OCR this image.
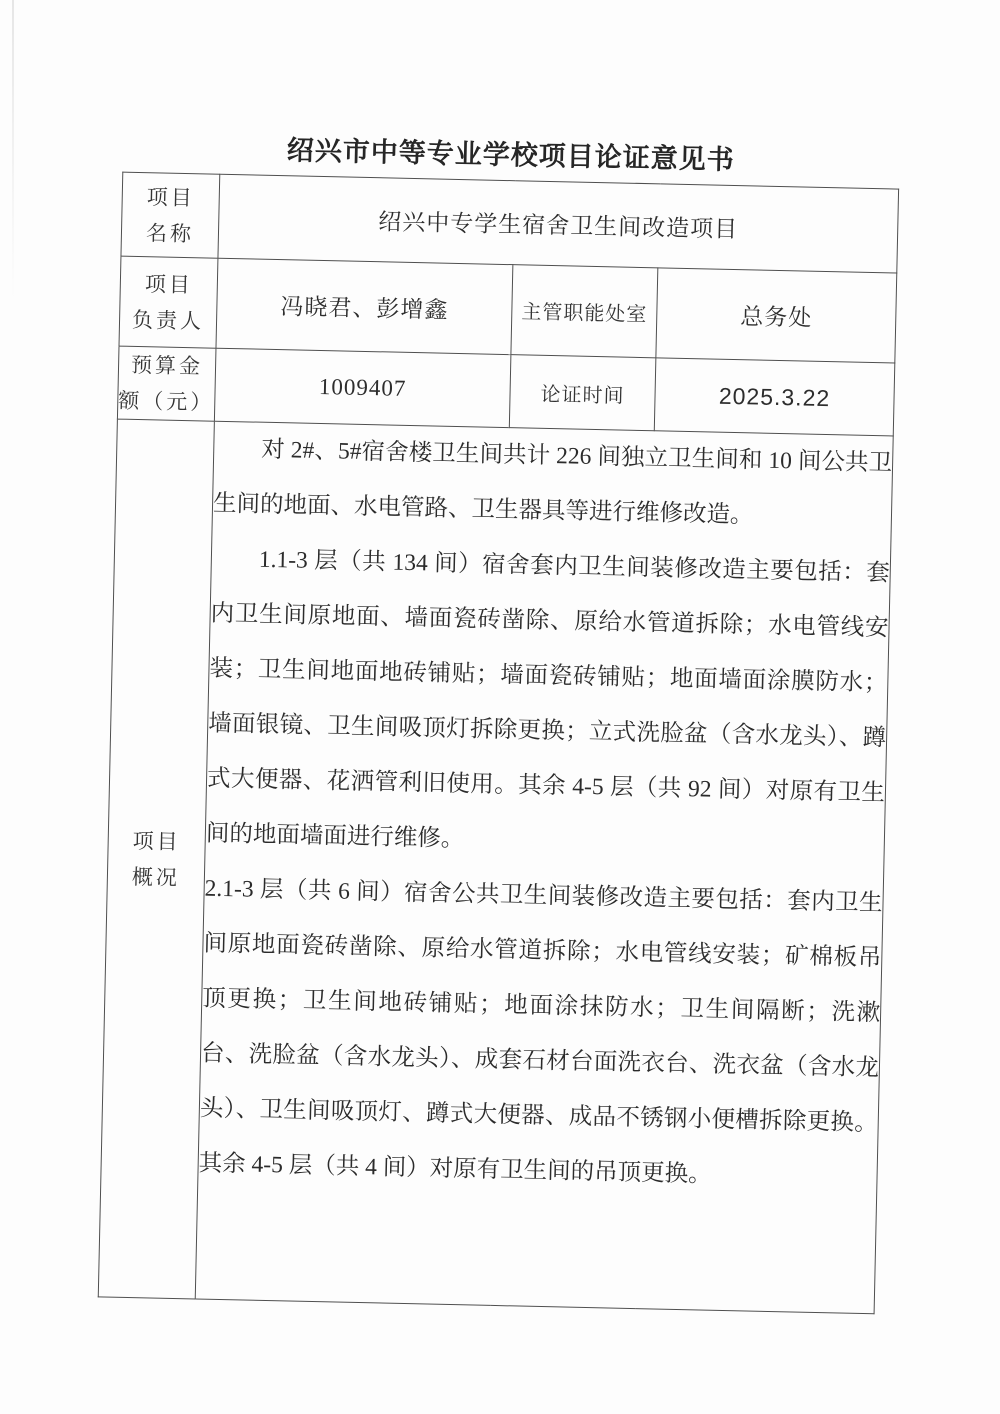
绍兴市中等专业学校项目论证意见书
项目
名称	绍兴中专学生宿舍卫生间改造项目		

项目
负责人	冯晓君、彭增鑫	主管职能处室	总务处

预算金
额（元）	1009407	论证时间	2025.3.22

项目
概况

对 2#、5#宿舍楼卫生间共计 226 间独立卫生间和 10 间公共卫生间的地面、水电管路、卫生器具等进行维修改造。

1.1-3 层（共 134 间）宿舍套内卫生间装修改造主要包括：套内卫生间原地面、墙面瓷砖凿除、原给水管道拆除；水电管线安装；卫生间地面地砖铺贴；墙面瓷砖铺贴；地面墙面涂膜防水；墙面银镜、卫生间吸顶灯拆除更换；立式洗脸盆（含水龙头）、蹲式大便器、花洒管利旧使用。其余 4-5 层（共 92 间）对原有卫生间的地面墙面进行维修。

2.1-3 层（共 6 间）宿舍公共卫生间装修改造主要包括：套内卫生间原地面瓷砖凿除、原给水管道拆除；水电管线安装；矿棉板吊顶更换；卫生间地砖铺贴；地面涂抹防水；卫生间隔断；洗漱台、洗脸盆（含水龙头）、成套石材台面洗衣台、洗衣盆（含水龙头）、卫生间吸顶灯、蹲式大便器、成品不锈钢小便槽拆除更换。其余 4-5 层（共 4 间）对原有卫生间的吊顶更换。
